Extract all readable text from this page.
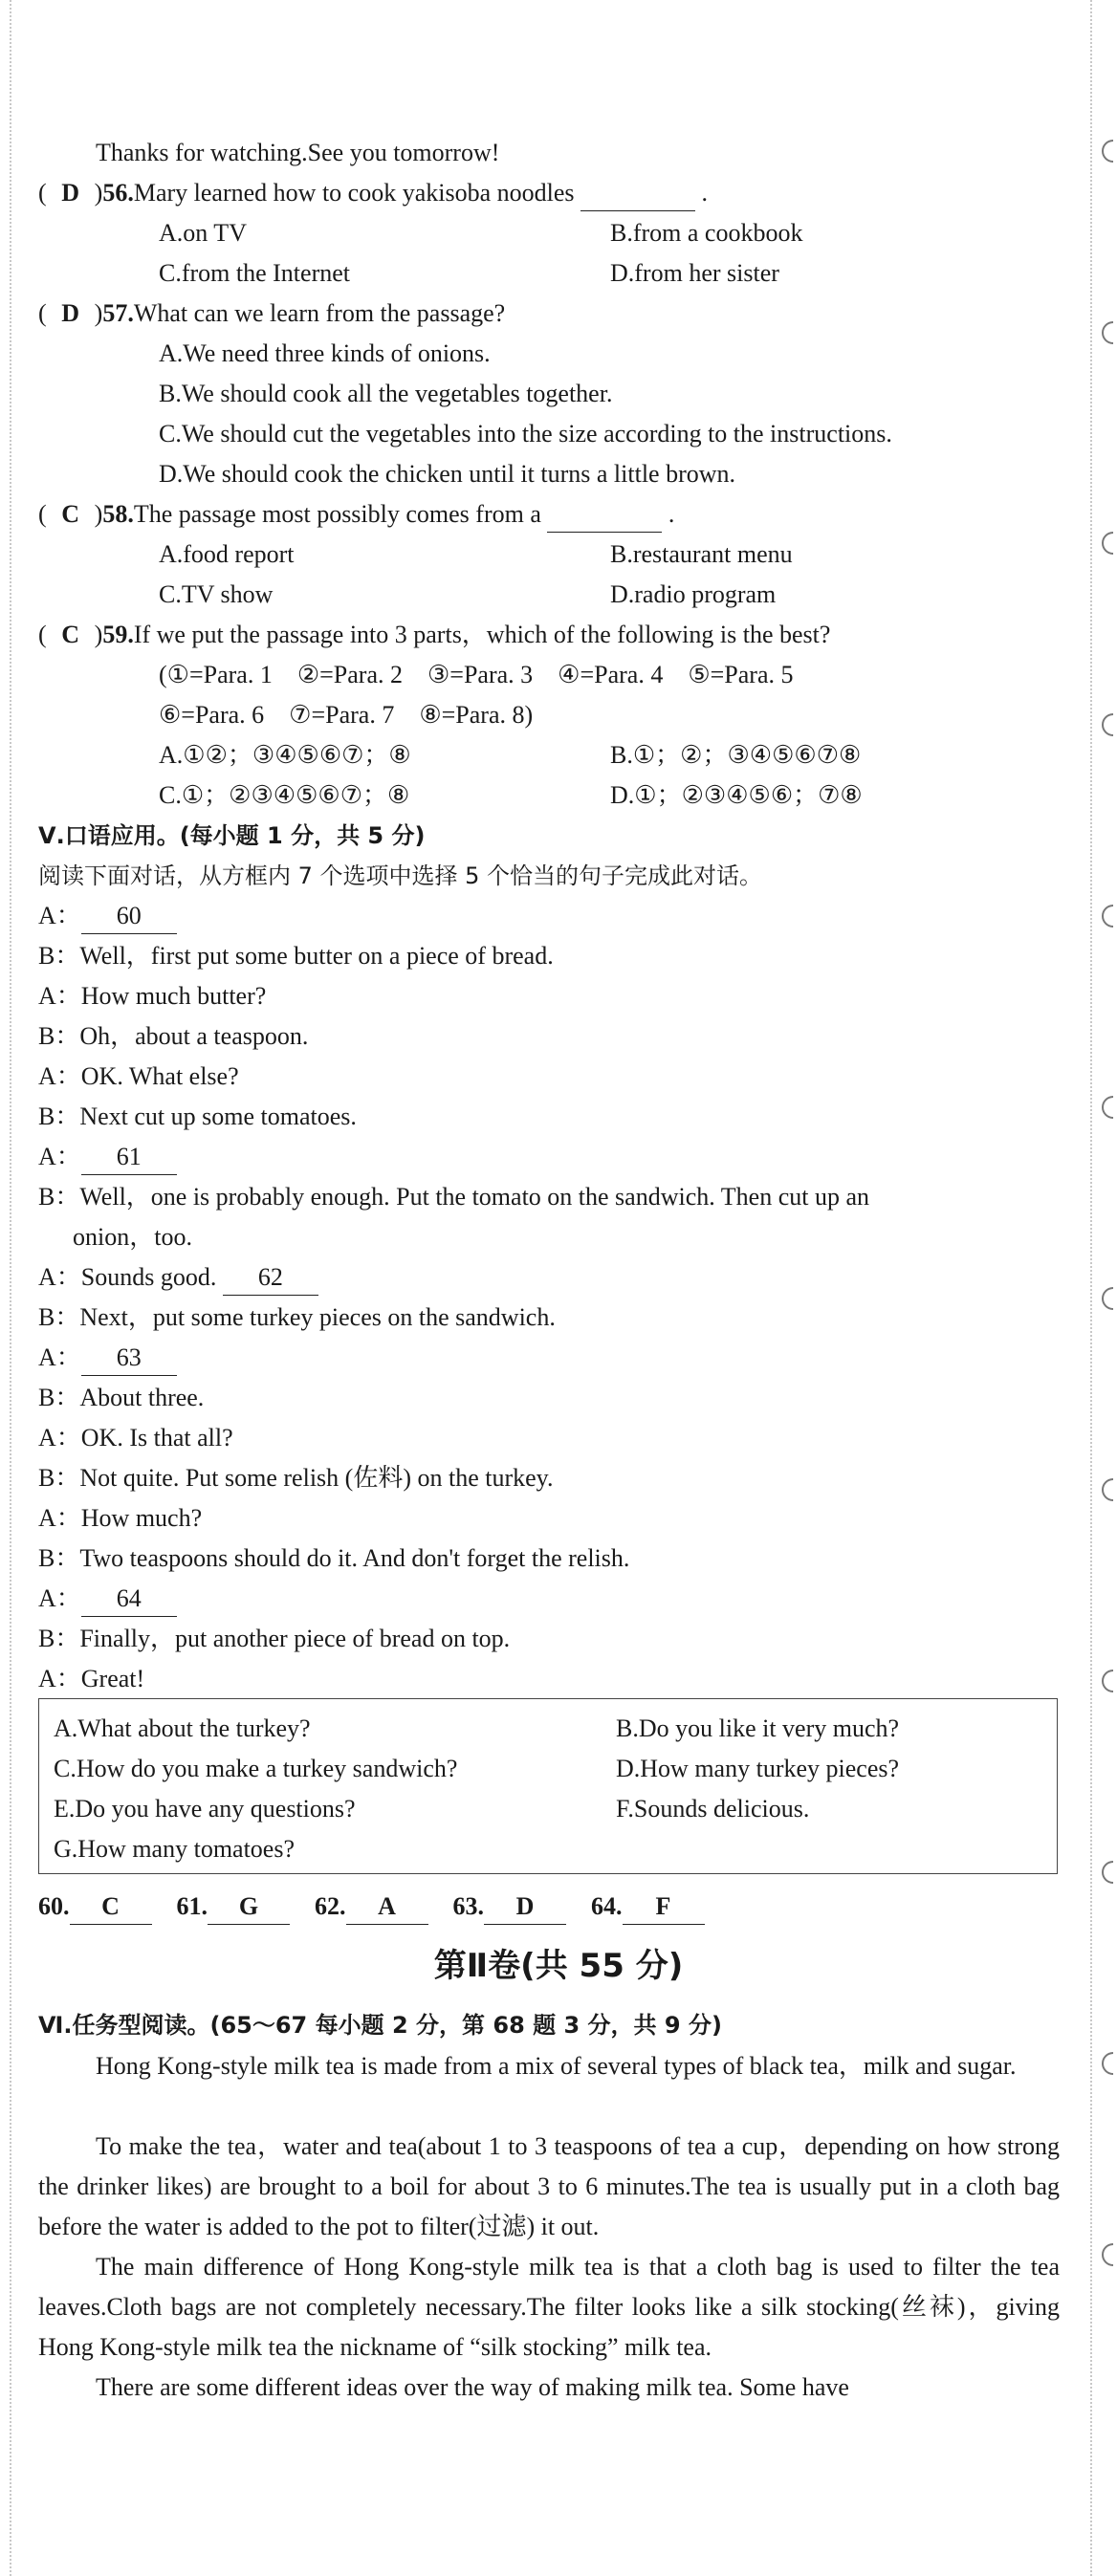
Thanks for watching.See you tomorrow!
( D )56.Mary learned how to cook yakisoba noodles	.
A.on TV	B.from a cookbook
C.from the Internet	D.from her sister
( D )57.What can we learn from the passage?
A.We need three kinds of onions.
B.We should cook all the vegetables together.
C.We should cut the vegetables into the size according to the instructions.
D.We should cook the chicken until it turns a little brown.
( C )58.The passage most possibly comes from a	.
A.food report	B.restaurant menu
C.TV show	D.radio program
( C )59.If we put the passage into 3 parts，which of the following is the best?
(①=Para. 1    ②=Para. 2    ③=Para. 3    ④=Para. 4    ⑤=Para. 5
⑥=Para. 6    ⑦=Para. 7    ⑧=Para. 8)
A.①②；③④⑤⑥⑦；⑧	B.①；②；③④⑤⑥⑦⑧
C.①；②③④⑤⑥⑦；⑧	D.①；②③④⑤⑥；⑦⑧
Ⅴ.口语应用。(每小题 1 分，共 5 分)
阅读下面对话，从方框内 7 个选项中选择 5 个恰当的句子完成此对话。
A： 60
B：Well，first put some butter on a piece of bread.
A：How much butter?
B：Oh，about a teaspoon.
A：OK. What else?
B：Next cut up some tomatoes.
A： 61
B：Well，one is probably enough. Put the tomato on the sandwich. Then cut up an
onion，too.
A：Sounds good. 62
B：Next，put some turkey pieces on the sandwich.
A： 63
B：About three.
A：OK. Is that all?
B：Not quite. Put some relish (佐料) on the turkey.
A：How much?
B：Two teaspoons should do it. And don't forget the relish.
A： 64
B：Finally，put another piece of bread on top.
A：Great!
A.What about the turkey?	B.Do you like it very much?
C.How do you make a turkey sandwich?	D.How many turkey pieces?
E.Do you have any questions?	F.Sounds delicious.
G.How many tomatoes?
60. C 61. G 62. A 63. D 64. F
第Ⅱ卷(共 55 分)
Ⅵ.任务型阅读。(65～67 每小题 2 分，第 68 题 3 分，共 9 分)
Hong Kong-style milk tea is made from a mix of several types of black tea，milk and sugar.
To make the tea，water and tea(about 1 to 3 teaspoons of tea a cup，depending on how strong the drinker likes) are brought to a boil for about 3 to 6 minutes.The tea is usually put in a cloth bag before the water is added to the pot to filter(过滤) it out.
The main difference of Hong Kong-style milk tea is that a cloth bag is used to filter the tea leaves.Cloth bags are not completely necessary.The filter looks like a silk stocking(丝袜)，giving Hong Kong-style milk tea the nickname of “silk stocking” milk tea.
There are some different ideas over the way of making milk tea. Some have
